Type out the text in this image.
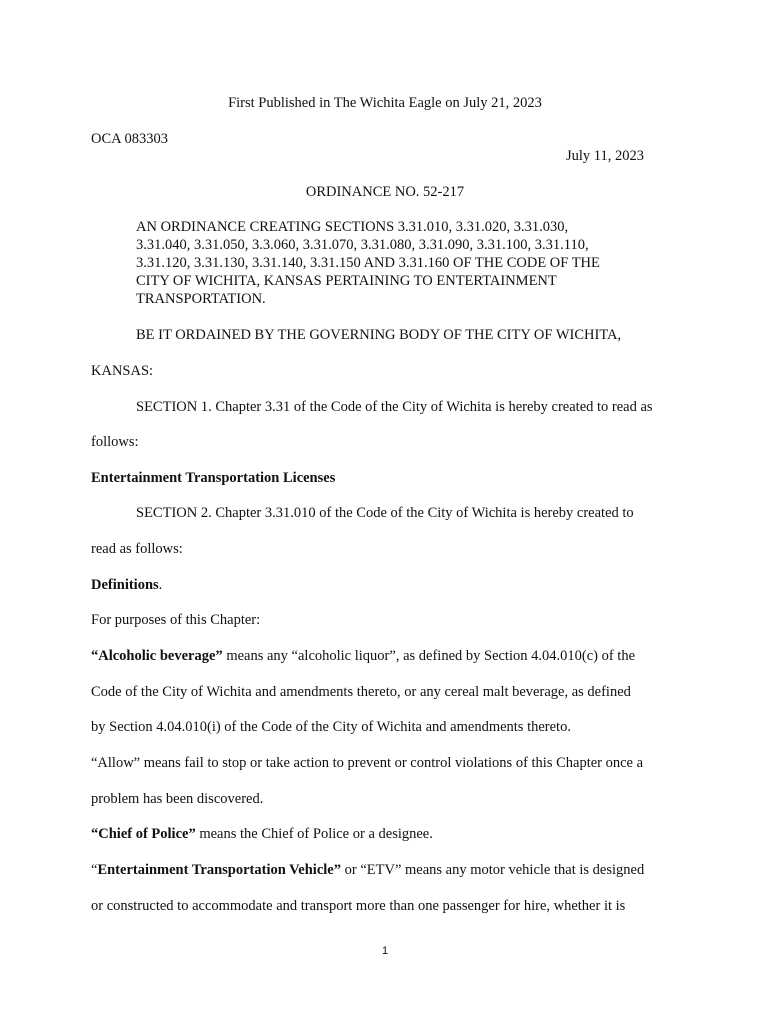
First Published in The Wichita Eagle on July 21, 2023
OCA 083303
July 11, 2023
ORDINANCE NO. 52-217
AN ORDINANCE CREATING SECTIONS 3.31.010, 3.31.020, 3.31.030,
3.31.040, 3.31.050, 3.3.060, 3.31.070, 3.31.080, 3.31.090, 3.31.100, 3.31.110,
3.31.120, 3.31.130, 3.31.140, 3.31.150 AND 3.31.160 OF THE CODE OF THE
CITY OF WICHITA, KANSAS PERTAINING TO ENTERTAINMENT
TRANSPORTATION.
BE IT ORDAINED BY THE GOVERNING BODY OF THE CITY OF WICHITA,
KANSAS:
SECTION 1. Chapter 3.31 of the Code of the City of Wichita is hereby created to read as
follows:
Entertainment Transportation Licenses
SECTION 2. Chapter 3.31.010 of the Code of the City of Wichita is hereby created to
read as follows:
Definitions.
For purposes of this Chapter:
“Alcoholic beverage” means any “alcoholic liquor”, as defined by Section 4.04.010(c) of the
Code of the City of Wichita and amendments thereto, or any cereal malt beverage, as defined
by Section 4.04.010(i) of the Code of the City of Wichita and amendments thereto.
“Allow” means fail to stop or take action to prevent or control violations of this Chapter once a
problem has been discovered.
“Chief of Police” means the Chief of Police or a designee.
“Entertainment Transportation Vehicle” or “ETV” means any motor vehicle that is designed
or constructed to accommodate and transport more than one passenger for hire, whether it is
1
